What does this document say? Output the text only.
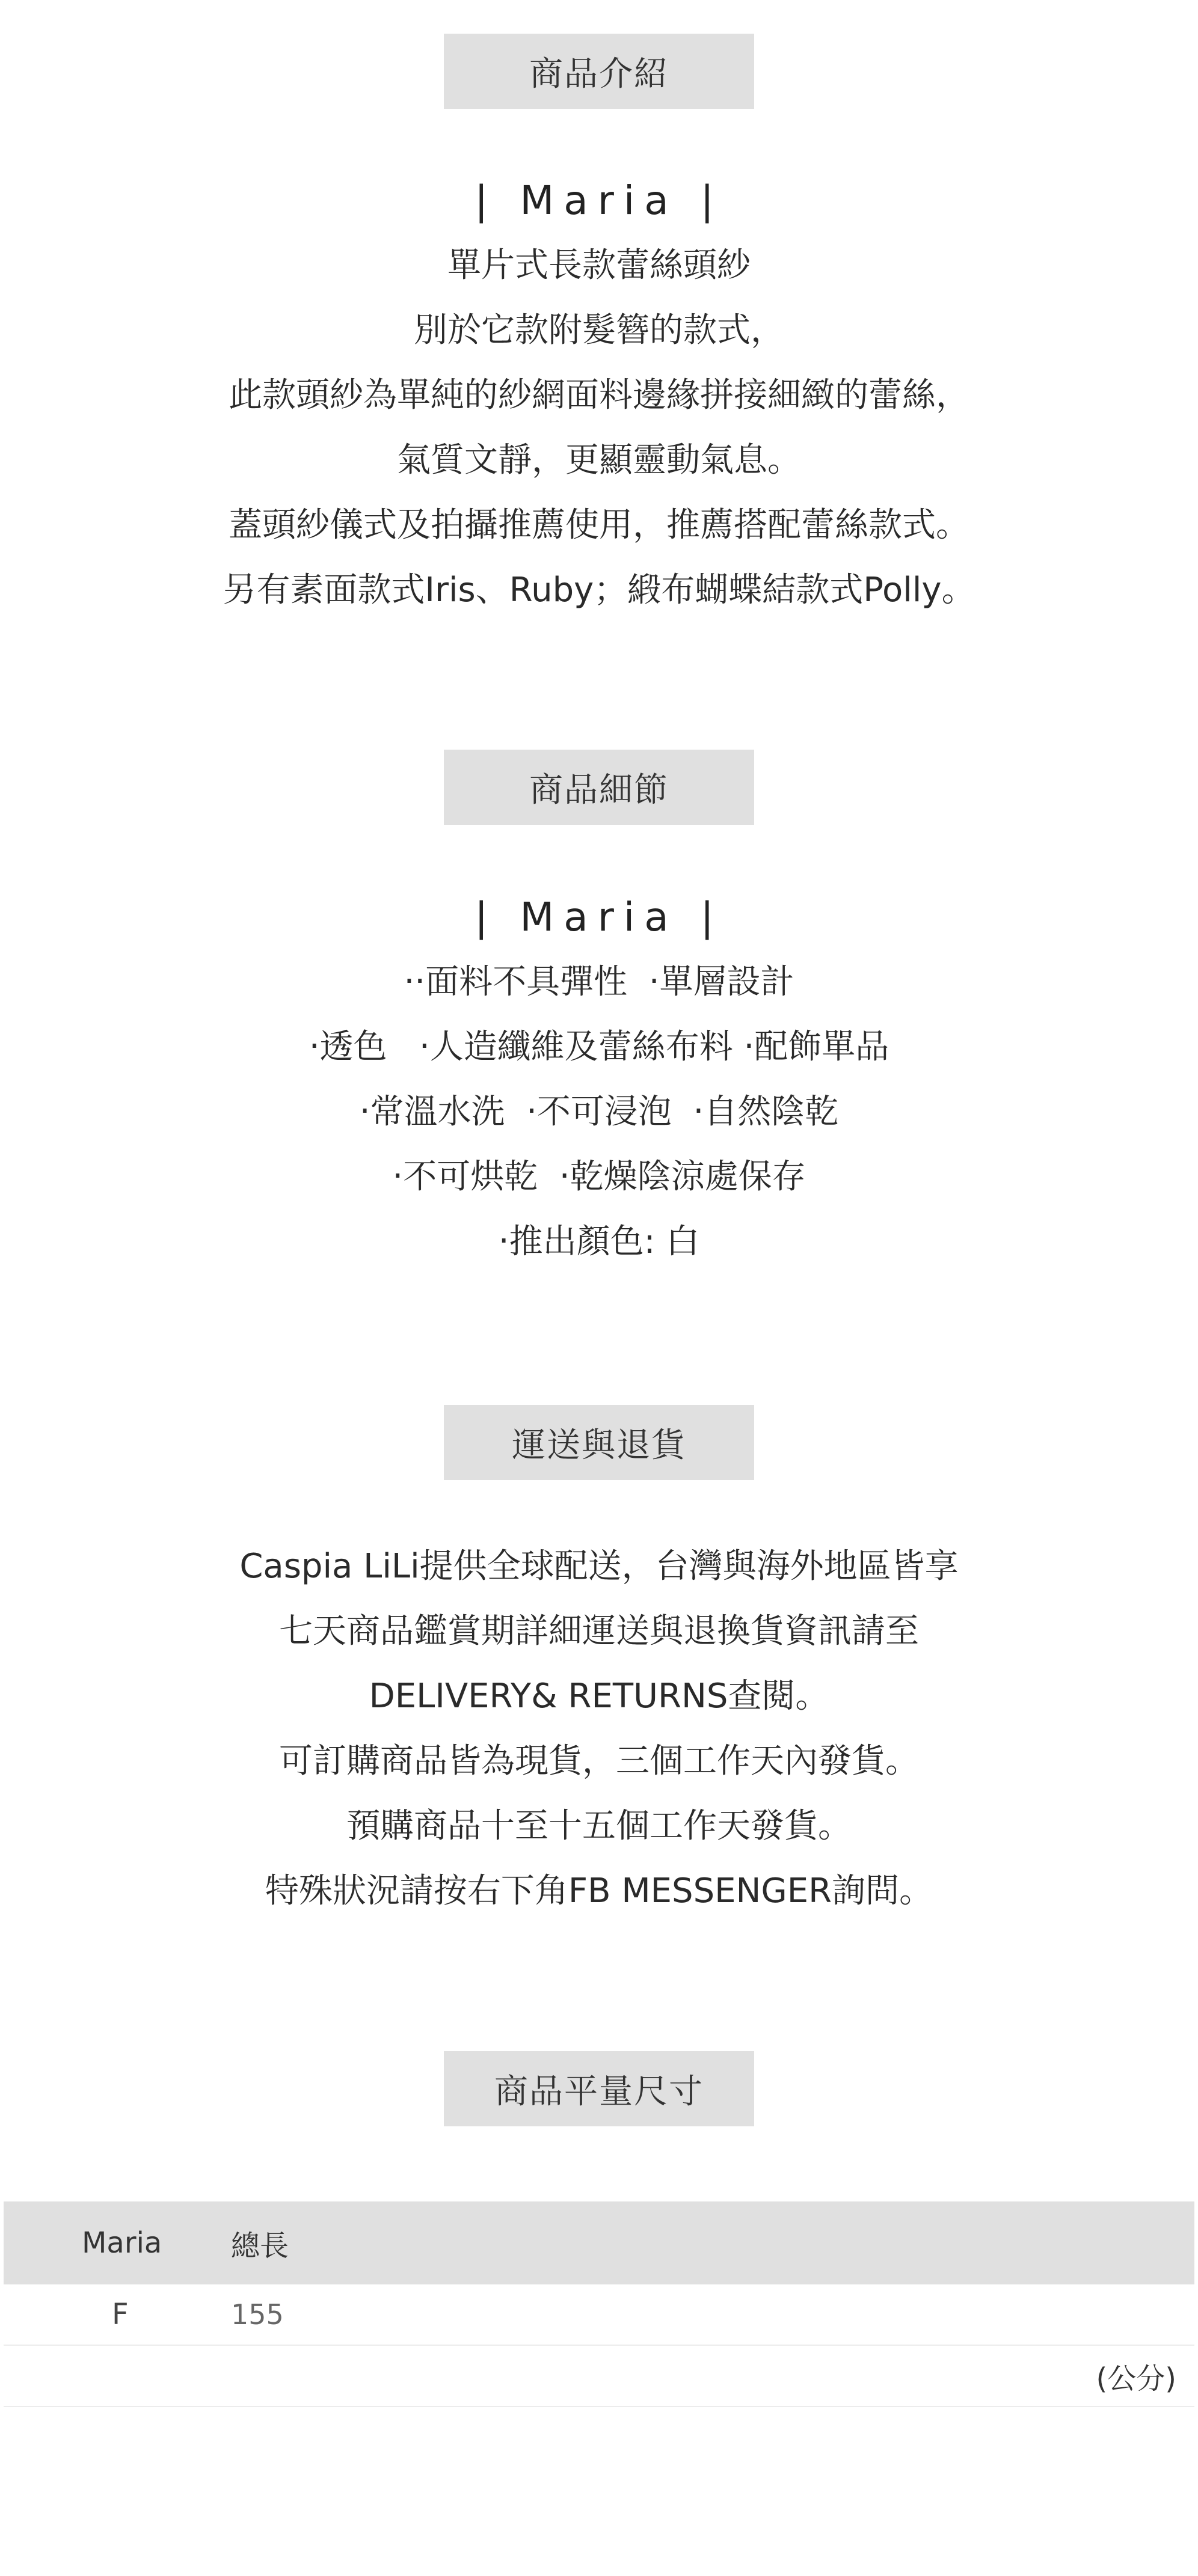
商品介紹
| Maria |
單片式長款蕾絲頭紗
別於它款附髮簪的款式，
此款頭紗為單純的紗網面料邊緣拼接細緻的蕾絲，
氣質文靜，更顯靈動氣息。
蓋頭紗儀式及拍攝推薦使用，推薦搭配蕾絲款式。
另有素面款式Iris、Ruby；緞布蝴蝶結款式Polly。
商品細節
| Maria |
‧‧面料不具彈性  ‧單層設計
‧透色   ‧人造纖維及蕾絲布料 ‧配飾單品
‧常溫水洗  ‧不可浸泡  ‧自然陰乾
‧不可烘乾  ‧乾燥陰涼處保存
‧推出顏色: 白
運送與退貨
Caspia LiLi提供全球配送，台灣與海外地區皆享
七天商品鑑賞期詳細運送與退換貨資訊請至
DELIVERY& RETURNS查閱。
可訂購商品皆為現貨，三個工作天內發貨。
預購商品十至十五個工作天發貨。
特殊狀況請按右下角FB MESSENGER詢問。
商品平量尺寸
Maria 總長
F	155
(公分)
